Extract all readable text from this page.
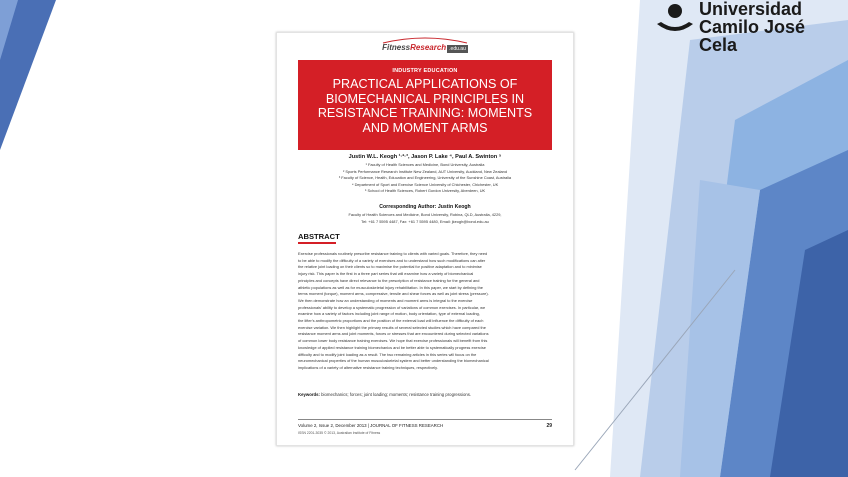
Universidad
Camilo José Cela
FitnessResearch .edu.au
INDUSTRY EDUCATION
PRACTICAL APPLICATIONS OF BIOMECHANICAL PRINCIPLES IN RESISTANCE TRAINING: MOMENTS AND MOMENT ARMS
Justin W.L. Keogh ¹·²·³, Jason P. Lake ⁴, Paul A. Swinton ⁵
¹ Faculty of Health Sciences and Medicine, Bond University, Australia
² Sports Performance Research Institute New Zealand, AUT University, Auckland, New Zealand
³ Faculty of Science, Health, Education and Engineering, University of the Sunshine Coast, Australia
⁴ Department of Sport and Exercise Science University of Chichester, Chichester, UK
⁵ School of Health Sciences, Robert Gordon University, Aberdeen, UK
Corresponding Author: Justin Keogh
Faculty of Health Sciences and Medicine, Bond University, Robina, QLD, Australia, 4229,
Tel: +61 7 5595 4487, Fax: +61 7 5595 4480, Email: jkeogh@bond.edu.au
ABSTRACT
Exercise professionals routinely prescribe resistance training to clients with varied goals. Therefore, they need
to be able to modify the difficulty of a variety of exercises and to understand how such modifications can alter
the relative joint loading on their clients so to maximise the potential for positive adaptation and to minimise
injury risk. This paper is the first in a three part series that will examine how a variety of biomechanical
principles and concepts have direct relevance to the prescription of resistance training for the general and
athletic populations as well as for musculoskeletal injury rehabilitation. In this paper, we start by defining the
terms moment (torque), moment arms, compressive, tensile and shear forces as well as joint stress (pressure).
We then demonstrate how an understanding of moments and moment arms is integral to the exercise
professionals' ability to develop a systematic progression of variations of common exercises. In particular, we
examine how a variety of factors including joint range of motion, body orientation, type of external loading,
the lifter's anthropometric proportions and the position of the external load will influence the difficulty of each
exercise variation. We then highlight the primary results of several selected studies which have compared the
resistance moment arms and joint moments, forces or stresses that are encountered during selected variations
of common lower body resistance training exercises. We hope that exercise professionals will benefit from this
knowledge of applied resistance training biomechanics and be better able to systematically progress exercise
difficulty and to modify joint loading as a result. The two remaining articles in this series will focus on the
neuromechanical properties of the human musculoskeletal system and better understanding the biomechanical
implications of a variety of alternative resistance training techniques, respectively.
Keywords: biomechanics; forces; joint loading; moments; resistance training progressions.
Volume 2, Issue 2, December 2013 | JOURNAL OF FITNESS RESEARCH	29
ISSN 2201-3035 © 2013, Australian Institute of Fitness
